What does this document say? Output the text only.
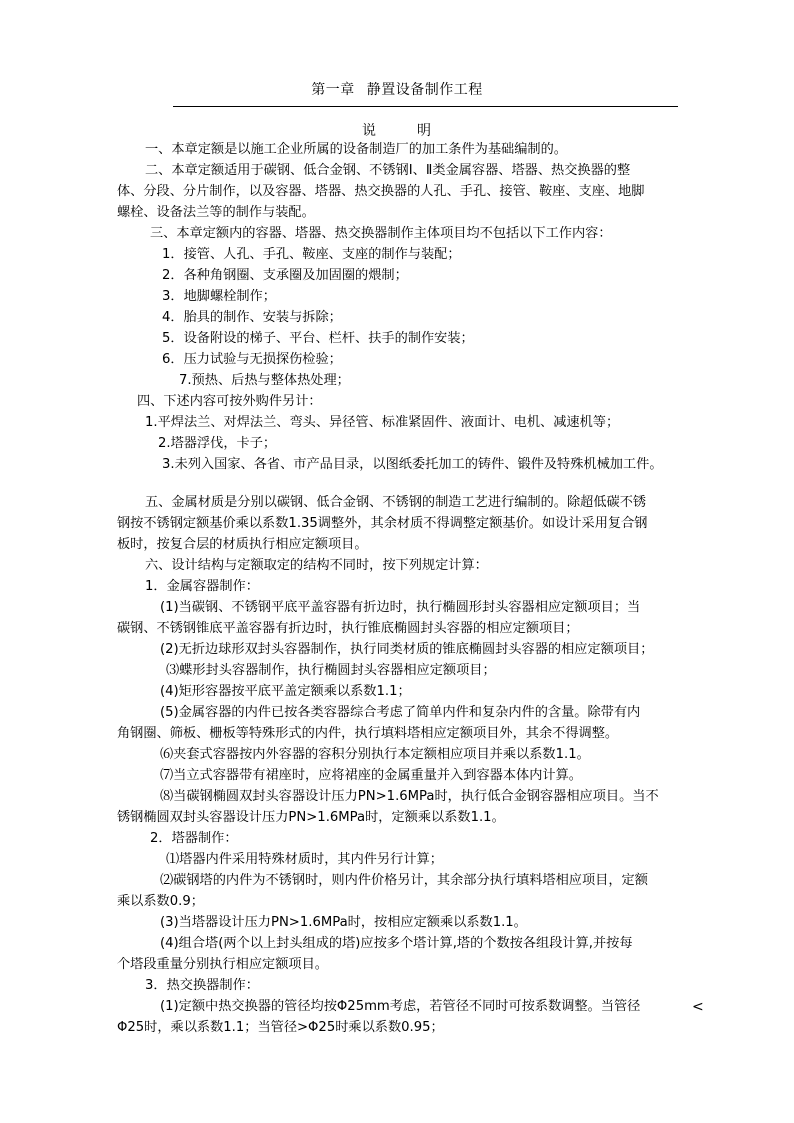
第一章 静置设备制作工程
说	明
一、本章定额是以施工企业所属的设备制造厂的加工条件为基础编制的。
二、本章定额适用于碳钢、低合金钢、不锈钢Ⅰ、Ⅱ类金属容器、塔器、热交换器的整
体、分段、分片制作，以及容器、塔器、热交换器的人孔、手孔、接管、鞍座、支座、地脚
螺栓、设备法兰等的制作与装配。
三、本章定额内的容器、塔器、热交换器制作主体项目均不包括以下工作内容：
1．接管、人孔、手孔、鞍座、支座的制作与装配；
2．各种角钢圈、支承圈及加固圈的煨制；
3．地脚螺栓制作；
4．胎具的制作、安装与拆除；
5．设备附设的梯子、平台、栏杆、扶手的制作安装；
6．压力试验与无损探伤检验；
7.预热、后热与整体热处理；
四、下述内容可按外购件另计：
1.平焊法兰、对焊法兰、弯头、异径管、标准紧固件、液面计、电机、减速机等；
2.塔器浮伐，卡子；
3.未列入国家、各省、市产品目录，以图纸委托加工的铸件、锻件及特殊机械加工件。
五、金属材质是分别以碳钢、低合金钢、不锈钢的制造工艺进行编制的。除超低碳不锈
钢按不锈钢定额基价乘以系数1.35调整外，其余材质不得调整定额基价。如设计采用复合钢
板时，按复合层的材质执行相应定额项目。
六、设计结构与定额取定的结构不同时，按下列规定计算：
1．金属容器制作：
(1)当碳钢、不锈钢平底平盖容器有折边时，执行椭圆形封头容器相应定额项目；当
碳钢、不锈钢锥底平盖容器有折边时，执行锥底椭圆封头容器的相应定额项目；
(2)无折边球形双封头容器制作，执行同类材质的锥底椭圆封头容器的相应定额项目；
⑶蝶形封头容器制作，执行椭圆封头容器相应定额项目；
(4)矩形容器按平底平盖定额乘以系数1.1；
(5)金属容器的内件已按各类容器综合考虑了简单内件和复杂内件的含量。除带有内
角钢圈、筛板、栅板等特殊形式的内件，执行填料塔相应定额项目外，其余不得调整。
⑹夹套式容器按内外容器的容积分别执行本定额相应项目并乘以系数1.1。
⑺当立式容器带有裙座时，应将裙座的金属重量并入到容器本体内计算。
⑻当碳钢椭圆双封头容器设计压力PN>1.6MPa时，执行低合金钢容器相应项目。当不
锈钢椭圆双封头容器设计压力PN>1.6MPa时，定额乘以系数1.1。
2．塔器制作：
⑴塔器内件采用特殊材质时，其内件另行计算；
⑵碳钢塔的内件为不锈钢时，则内件价格另计，其余部分执行填料塔相应项目，定额
乘以系数0.9；
(3)当塔器设计压力PN>1.6MPa时，按相应定额乘以系数1.1。
(4)组合塔(两个以上封头组成的塔)应按多个塔计算,塔的个数按各组段计算,并按每
个塔段重量分别执行相应定额项目。
3．热交换器制作：
(1)定额中热交换器的管径均按Φ25mm考虑，若管径不同时可按系数调整。当管径	<
Φ25时，乘以系数1.1；当管径>Φ25时乘以系数0.95；
